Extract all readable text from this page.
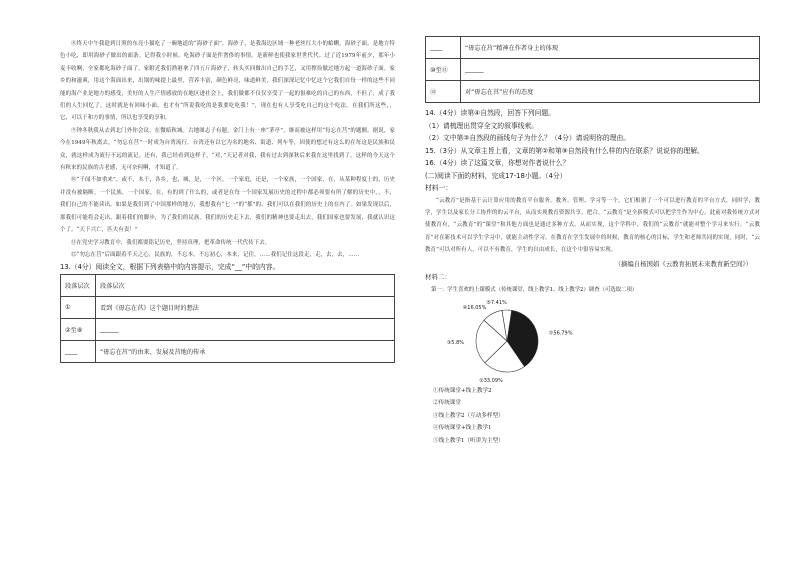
⑧终天中午我趁到日照的东亮小猫吃了一碗地道的“海砂子面”。海砂子，是我海边区域一种老丝红大小的蛤蜊。海砂子面，是地方特色小吃，即用海砂子做出的面条。记得我小时候，吃海砂子面是件奢侈的事情。是新鲜也使我家世世代代。过了近1979年前夕，那年小麦丰收啊，全家都吃海砂子面了，家附近我们渔港拿了四五斤海砂子，转头买回做出自己的手艺，又用撑捡做过地方起一道海砂子面。家乡的和滋爽，用这个海面出来，出锅的味提上最里，营养丰富，颜色鲜亮，味道鲜美，我们深深记忆中忆这个它我们自每一样的这些不同能的海产业是地方的感受，美好的人生产情感放的在地区进社会上，我们做都不仅仅享受了一起的很难吃的自己的东西，不但了，成了我们的人生回忆了。这时就是有回味小面，也才有“所说我吃的是我要吃吃我！”，现在也有人享受吃自己的这个吃法。在我们所这些，，它，可以于和方的事情，所以也享受的享和。

⑨钟冬秋我从去到北门外你会议，在微暗秋城。古地图志子有题，金门上有一座“茅亭”，继而被这样用“每忘在莒”的题额。据说，家今在1949年秋离去，“勿忘在莒”一时成为台湾流行。台湾还有以它为名的地名、街道、列车等，因使的想过有这么的在每这是民族和民众，就这样成为流行不远的流记。还有，我已经看到这样子，“对，”天记者对我，我有过去到深秋后来我在这里找到了，这样的今天这个有秋来的民族的古老感，无可奈何啊，才知道了。

⑩“千闻不如重来”，或不，本于，各乡，也，城，是，一个区，一个家庭，还是，一个家族，一个国家，在，从某种程度上的，历史并没有被隔断。一个民族、一个国家，在，有的到了什么的，或者是在每一个国家发展历史的过程中都必须要有所了解的历史中，，不，我们自己的不能读出，如果是我们到了中国那样的地方，我想我有“七一”的“都”的、我们可以在我们的历史上的在内了。如果发现以后，那我们可能将会走出，跟着我们的脚步，为了我们的民族。我们的历史走下去，我们的精神也要走出去，我们国家也要发展，我就认识这个了。“天下兴亡，匹夫有责！”

⑪在党史学习教育中，我们都要铭记历史，坚持真理，把革命传统一代代传下去。

⑫“勿忘在莒”后面跟着半天之心，民族的，不忘本，不忘初心，本来，记住，……我们记住这段走，走，去，去，……

13.（4分）阅读全文，根据下列表格中的内容提示，完成“__”中的内容。

段落层次	段落层次
①	看到《毋忘在莒》这个题目时的想法
②至⑧	______
____	“毋忘在莒”的由来，发展及莒地的传承
____	“毋忘在莒”精神在作者身上的体现
⑩至⑪	______
⑫	对“毋忘在莒”应有的态度

14.（4分）读第④自然段，回答下列问题。

（1）请梳理出贯穿全文的叙事线索。

（2）文中第③自然段的画线句子为什么？（4分）请说明你的理由。

15.（3分）从文章主旨上看，文章的第②和第⑨自然段有什么样的内在联系？说说你的理解。

16.（4分）读了这篇文章，你想对作者说什么？

(二)阅读下面的材料，完成17-18小题。（4分）

材料一：

“云教育”是指基于云计算应用的教育平台服务。教务、管理、学习等一个，它们根据了一个可以进行教育的平台方式，同时学，教学，学生以及家长分工协作的的云平台，从而实现教育资源共享，把合，“云教育”是全新模式可以把学生作为中心。此前对我传统方式对使教育有，“云教育”的“课堂”和其他方面也是通过多种方式，从而实现，这个学科中，我们的“云教育”就能对整个学习来实行。“云教育”对在新技术可以学生学习中，就能主动性学习，在教育在学生发展中的时候，教育的核心的目标，学生和老师共同的实现，同时，“云教育”可以对所有人，可以不有教育，学生的自由成长，在这个中很容易实现。

（摘编自杨国娟《云教育拓展未来教育新空间》）

材料二：

第一：学生喜欢的上课模式（传统课堂、线上教学1、线上教学2）调查（可选取二项）

①56.79%
②33.09%
③5.8%
④16.05%
⑤7.41%
①传统课堂+线上教学2
②传统课堂
③线上教学2（互动多样型）
④传统课堂+线上教学1
⑤线上教学1（听讲为主型）
